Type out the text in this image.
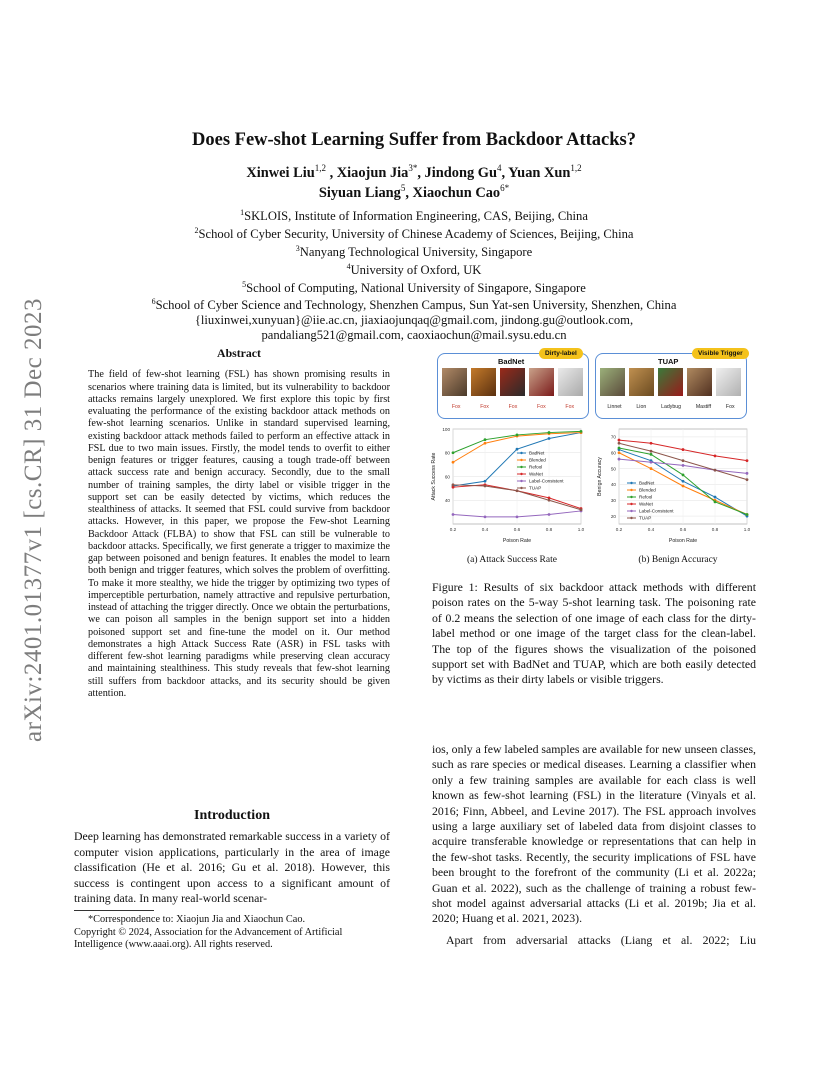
arXiv:2401.01377v1 [cs.CR] 31 Dec 2023
Does Few-shot Learning Suffer from Backdoor Attacks?
Xinwei Liu$^{1,2}$ , Xiaojun Jia$^{3*}$, Jindong Gu$^4$, Yuan Xun$^{1,2}$
Siyuan Liang$^5$, Xiaochun Cao$^{6*}$
$^1$SKLOIS, Institute of Information Engineering, CAS, Beijing, China
$^2$School of Cyber Security, University of Chinese Academy of Sciences, Beijing, China
$^3$Nanyang Technological University, Singapore
$^4$University of Oxford, UK
$^5$School of Computing, National University of Singapore, Singapore
$^6$School of Cyber Science and Technology, Shenzhen Campus, Sun Yat-sen University, Shenzhen, China
{liuxinwei,xunyuan}@iie.ac.cn, jiaxiaojunqaq@gmail.com, jindong.gu@outlook.com,
pandaliang521@gmail.com, caoxiaochun@mail.sysu.edu.cn
Abstract

The field of few-shot learning (FSL) has shown promising results in scenarios where training data is limited, but its vulnerability to backdoor attacks remains largely unexplored. We first explore this topic by first evaluating the performance of the existing backdoor attack methods on few-shot learning scenarios. Unlike in standard supervised learning, existing backdoor attack methods failed to perform an effective attack in FSL due to two main issues. Firstly, the model tends to overfit to either benign features or trigger features, causing a tough trade-off between attack success rate and benign accuracy. Secondly, due to the small number of training samples, the dirty label or visible trigger in the support set can be easily detected by victims, which reduces the stealthiness of attacks. It seemed that FSL could survive from backdoor attacks. However, in this paper, we propose the Few-shot Learning Backdoor Attack (FLBA) to show that FSL can still be vulnerable to backdoor attacks. Specifically, we first generate a trigger to maximize the gap between poisoned and benign features. It enables the model to learn both benign and trigger features, which solves the problem of overfitting. To make it more stealthy, we hide the trigger by optimizing two types of imperceptible perturbation, namely attractive and repulsive perturbation, instead of attaching the trigger directly. Once we obtain the perturbations, we can poison all samples in the benign support set into a hidden poisoned support set and fine-tune the model on it. Our method demonstrates a high Attack Success Rate (ASR) in FSL tasks with different few-shot learning paradigms while preserving clean accuracy and maintaining stealthiness. This study reveals that few-shot learning still suffers from backdoor attacks, and its security should be given attention.

Introduction

Deep learning has demonstrated remarkable success in a variety of computer vision applications, particularly in the area of image classification (He et al. 2016; Gu et al. 2018). However, this success is contingent upon access to a significant amount of training data. In many real-world scenar-

*Correspondence to: Xiaojun Jia and Xiaochun Cao.
Copyright © 2024, Association for the Advancement of Artificial Intelligence (www.aaai.org). All rights reserved.
BadNet
Fox	Fox	Fox	Fox	Fox
Dirty-label
TUAP
Linnet	Lion	Ladybug	Mastiff	Fox
Visible Trigger
40
60
80
100
0.2	0.4	0.6	0.8	1.0
Poison Rate
Attack Success Rate	BadNet
Blended
Refool
WaNet
Label-Consistent
TUAP
20
30
40
50
60
70
0.2	0.4	0.6	0.8	1.0
Poison Rate
Benign Accuracy	BadNet
Blended
Refool
WaNet
Label-Consistent
TUAP
(a) Attack Success Rate	(b) Benign Accuracy

Figure 1: Results of six backdoor attack methods with different poison rates on the 5-way 5-shot learning task. The poisoning rate of 0.2 means the selection of one image of each class for the dirty-label method or one image of the target class for the clean-label. The top of the figures shows the visualization of the poisoned support set with BadNet and TUAP, which are both easily detected by victims as their dirty labels or visible triggers.

ios, only a few labeled samples are available for new unseen classes, such as rare species or medical diseases. Learning a classifier when only a few training samples are available for each class is well known as few-shot learning (FSL) in the literature (Vinyals et al. 2016; Finn, Abbeel, and Levine 2017). The FSL approach involves using a large auxiliary set of labeled data from disjoint classes to acquire transferable knowledge or representations that can help in the few-shot tasks. Recently, the security implications of FSL have been brought to the forefront of the community (Li et al. 2022a; Guan et al. 2022), such as the challenge of training a robust few-shot model against adversarial attacks (Li et al. 2019b; Jia et al. 2020; Huang et al. 2021, 2023).

Apart from adversarial attacks (Liang et al. 2022; Liu
